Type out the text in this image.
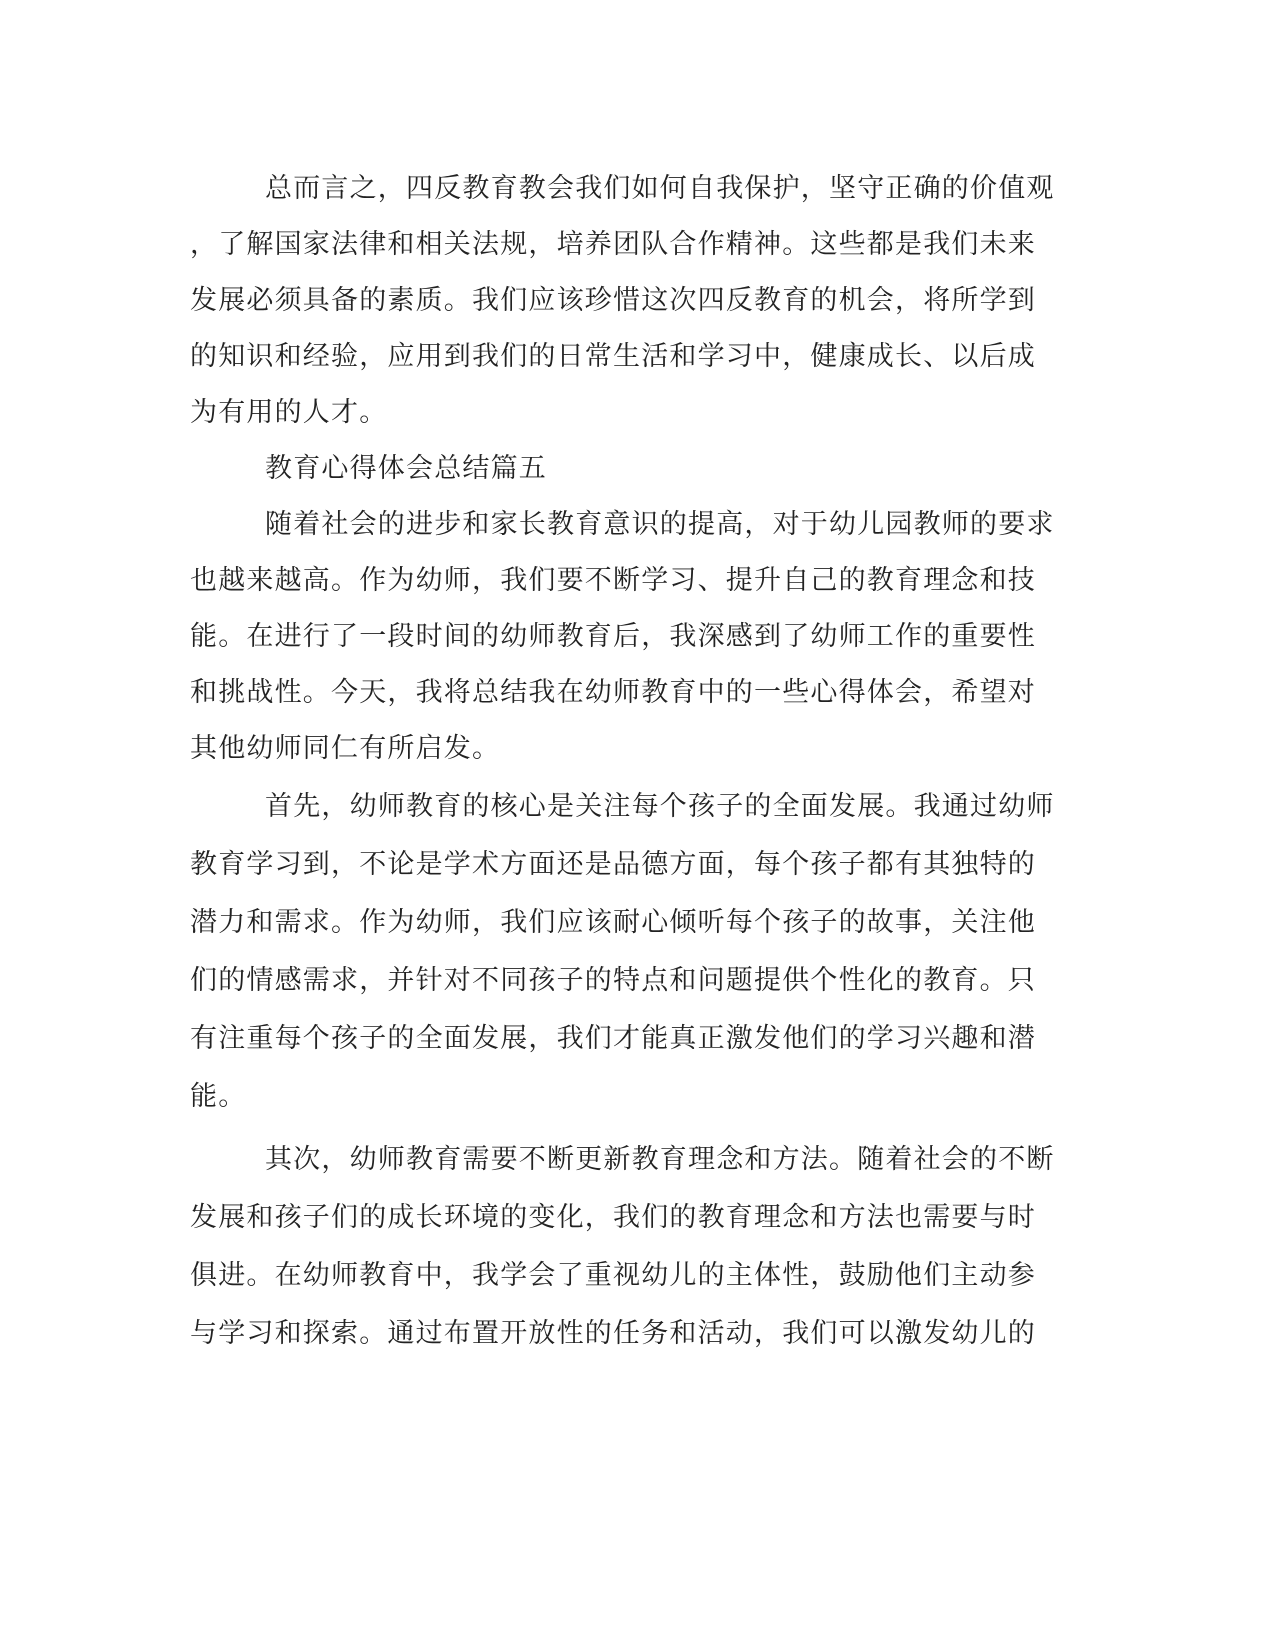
总而言之，四反教育教会我们如何自我保护，坚守正确的价值观
，了解国家法律和相关法规，培养团队合作精神。这些都是我们未来
发展必须具备的素质。我们应该珍惜这次四反教育的机会，将所学到
的知识和经验，应用到我们的日常生活和学习中，健康成长、以后成
为有用的人才。
教育心得体会总结篇五
随着社会的进步和家长教育意识的提高，对于幼儿园教师的要求
也越来越高。作为幼师，我们要不断学习、提升自己的教育理念和技
能。在进行了一段时间的幼师教育后，我深感到了幼师工作的重要性
和挑战性。今天，我将总结我在幼师教育中的一些心得体会，希望对
其他幼师同仁有所启发。
首先，幼师教育的核心是关注每个孩子的全面发展。我通过幼师
教育学习到，不论是学术方面还是品德方面，每个孩子都有其独特的
潜力和需求。作为幼师，我们应该耐心倾听每个孩子的故事，关注他
们的情感需求，并针对不同孩子的特点和问题提供个性化的教育。只
有注重每个孩子的全面发展，我们才能真正激发他们的学习兴趣和潜
能。
其次，幼师教育需要不断更新教育理念和方法。随着社会的不断
发展和孩子们的成长环境的变化，我们的教育理念和方法也需要与时
俱进。在幼师教育中，我学会了重视幼儿的主体性，鼓励他们主动参
与学习和探索。通过布置开放性的任务和活动，我们可以激发幼儿的
